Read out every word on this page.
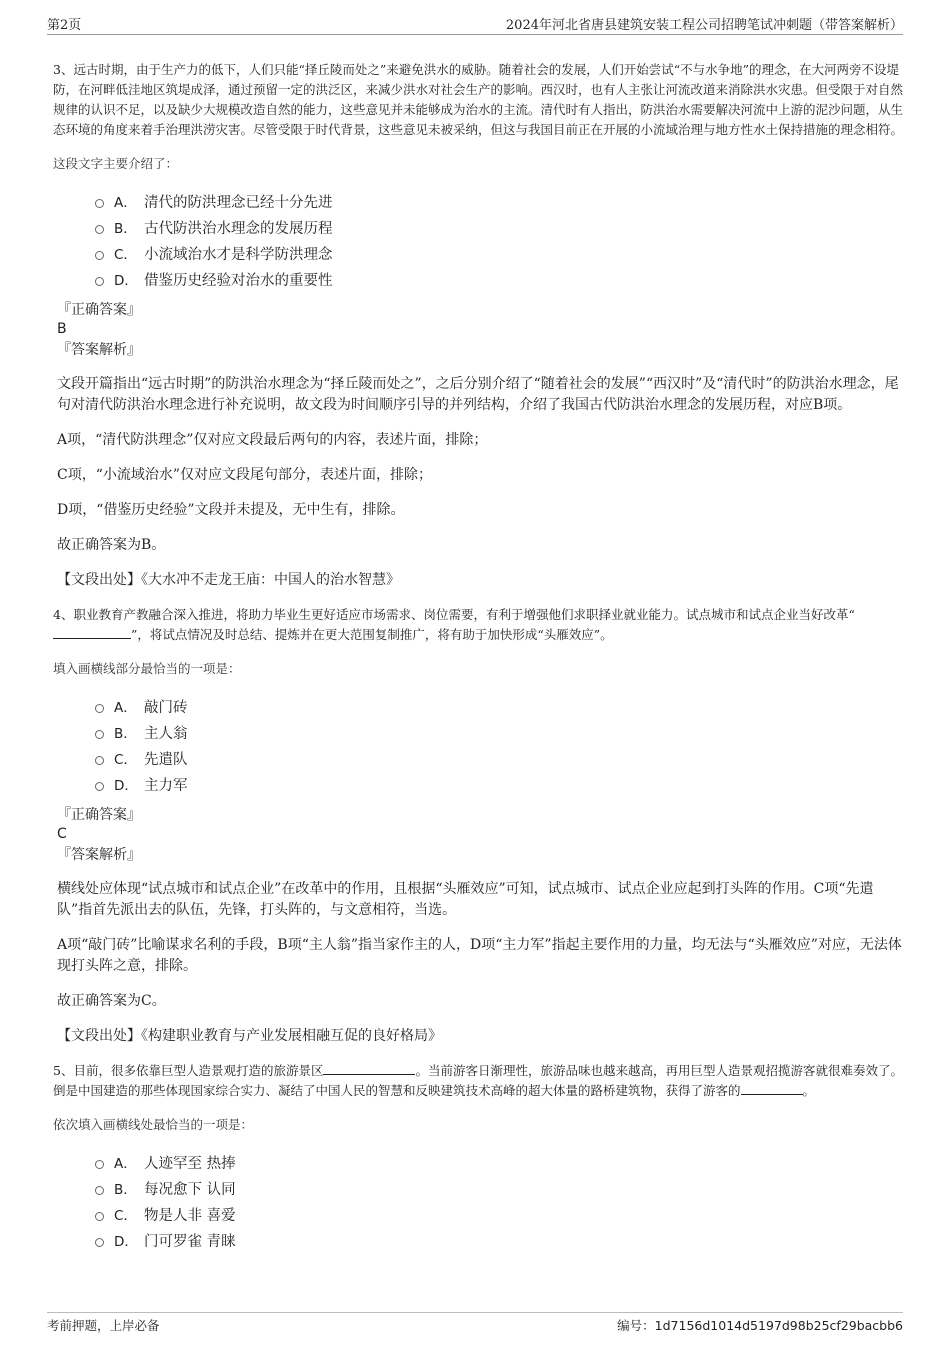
第2页	2024年河北省唐县建筑安装工程公司招聘笔试冲刺题（带答案解析）

3、远古时期，由于生产力的低下，人们只能“择丘陵而处之”来避免洪水的威胁。随着社会的发展，人们开始尝试“不与水争地”的理念，在大河两旁不设堤防，在河畔低洼地区筑堤成泽，通过预留一定的洪泛区，来减少洪水对社会生产的影响。西汉时，也有人主张让河流改道来消除洪水灾患。但受限于对自然规律的认识不足，以及缺少大规模改造自然的能力，这些意见并未能够成为治水的主流。清代时有人指出，防洪治水需要解决河流中上游的泥沙问题，从生态环境的角度来着手治理洪涝灾害。尽管受限于时代背景，这些意见未被采纳，但这与我国目前正在开展的小流域治理与地方性水土保持措施的理念相符。

这段文字主要介绍了：

A． 清代的防洪理念已经十分先进
B． 古代防洪治水理念的发展历程
C． 小流域治水才是科学防洪理念
D． 借鉴历史经验对治水的重要性
『正确答案』
B
『答案解析』

文段开篇指出“远古时期”的防洪治水理念为“择丘陵而处之”，之后分别介绍了“随着社会的发展”“西汉时”及“清代时”的防洪治水理念，尾句对清代防洪治水理念进行补充说明，故文段为时间顺序引导的并列结构，介绍了我国古代防洪治水理念的发展历程，对应B项。

A项，“清代防洪理念”仅对应文段最后两句的内容，表述片面，排除；

C项，“小流域治水”仅对应文段尾句部分，表述片面，排除；

D项，“借鉴历史经验”文段并未提及，无中生有，排除。

故正确答案为B。

【文段出处】《大水冲不走龙王庙：中国人的治水智慧》

4、职业教育产教融合深入推进，将助力毕业生更好适应市场需求、岗位需要，有利于增强他们求职择业就业能力。试点城市和试点企业当好改革“”，将试点情况及时总结、提炼并在更大范围复制推广，将有助于加快形成“头雁效应”。

填入画横线部分最恰当的一项是：

A． 敲门砖
B． 主人翁
C． 先遣队
D． 主力军
『正确答案』
C
『答案解析』

横线处应体现“试点城市和试点企业”在改革中的作用，且根据“头雁效应”可知，试点城市、试点企业应起到打头阵的作用。C项“先遣队”指首先派出去的队伍，先锋，打头阵的，与文意相符，当选。

A项“敲门砖”比喻谋求名利的手段，B项“主人翁”指当家作主的人，D项“主力军”指起主要作用的力量，均无法与“头雁效应”对应，无法体现打头阵之意，排除。

故正确答案为C。

【文段出处】《构建职业教育与产业发展相融互促的良好格局》

5、目前，很多依靠巨型人造景观打造的旅游景区	。当前游客日渐理性，旅游品味也越来越高，再用巨型人造景观招揽游客就很难奏效了。倒是中国建造的那些体现国家综合实力、凝结了中国人民的智慧和反映建筑技术高峰的超大体量的路桥建筑物，获得了游客的	。

依次填入画横线处最恰当的一项是：

A． 人迹罕至 热捧
B． 每况愈下 认同
C． 物是人非 喜爱
D． 门可罗雀 青睐
考前押题，上岸必备	编号：1d7156d1014d5197d98b25cf29bacbb6
